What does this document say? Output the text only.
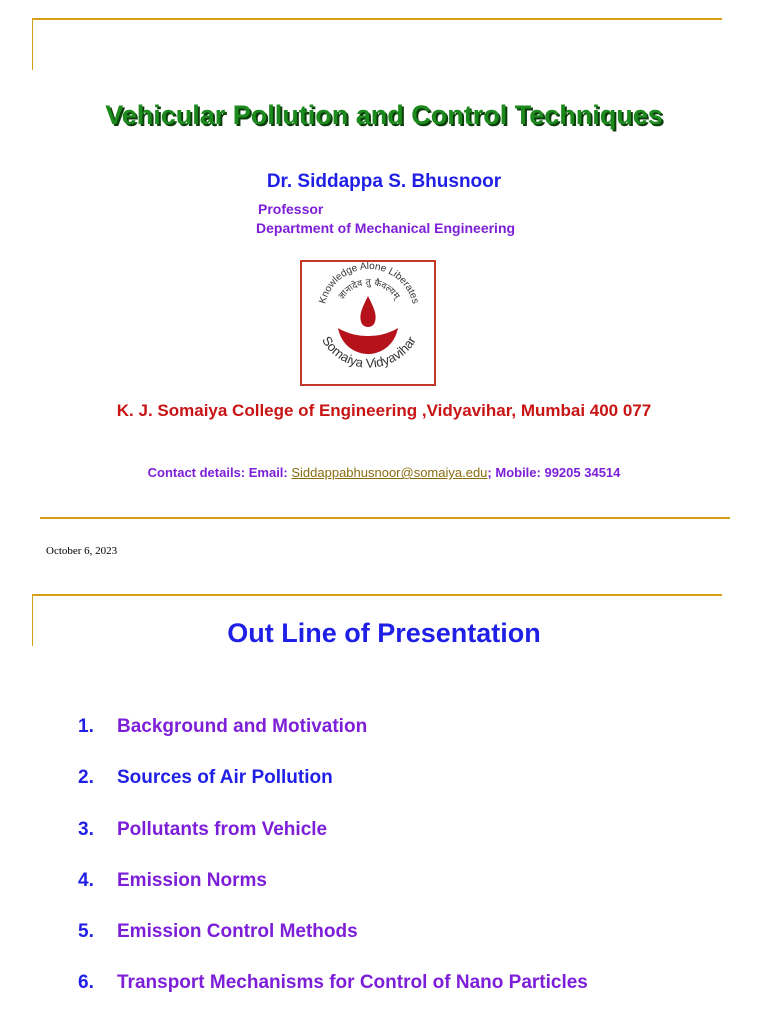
Vehicular Pollution and Control Techniques
Dr. Siddappa S. Bhusnoor
Professor
Department of Mechanical Engineering
Knowledge Alone Liberates
ज्ञानादेव तु कैवल्यम्
Somaiya Vidyavihar
K. J. Somaiya College of Engineering ,Vidyavihar, Mumbai 400 077
Contact details: Email: Siddappabhusnoor@somaiya.edu; Mobile: 99205 34514
October 6, 2023
Out Line of Presentation
1. Background and Motivation
2. Sources of Air Pollution
3. Pollutants from Vehicle
4. Emission Norms
5. Emission Control Methods
6. Transport Mechanisms for Control of Nano Particles
